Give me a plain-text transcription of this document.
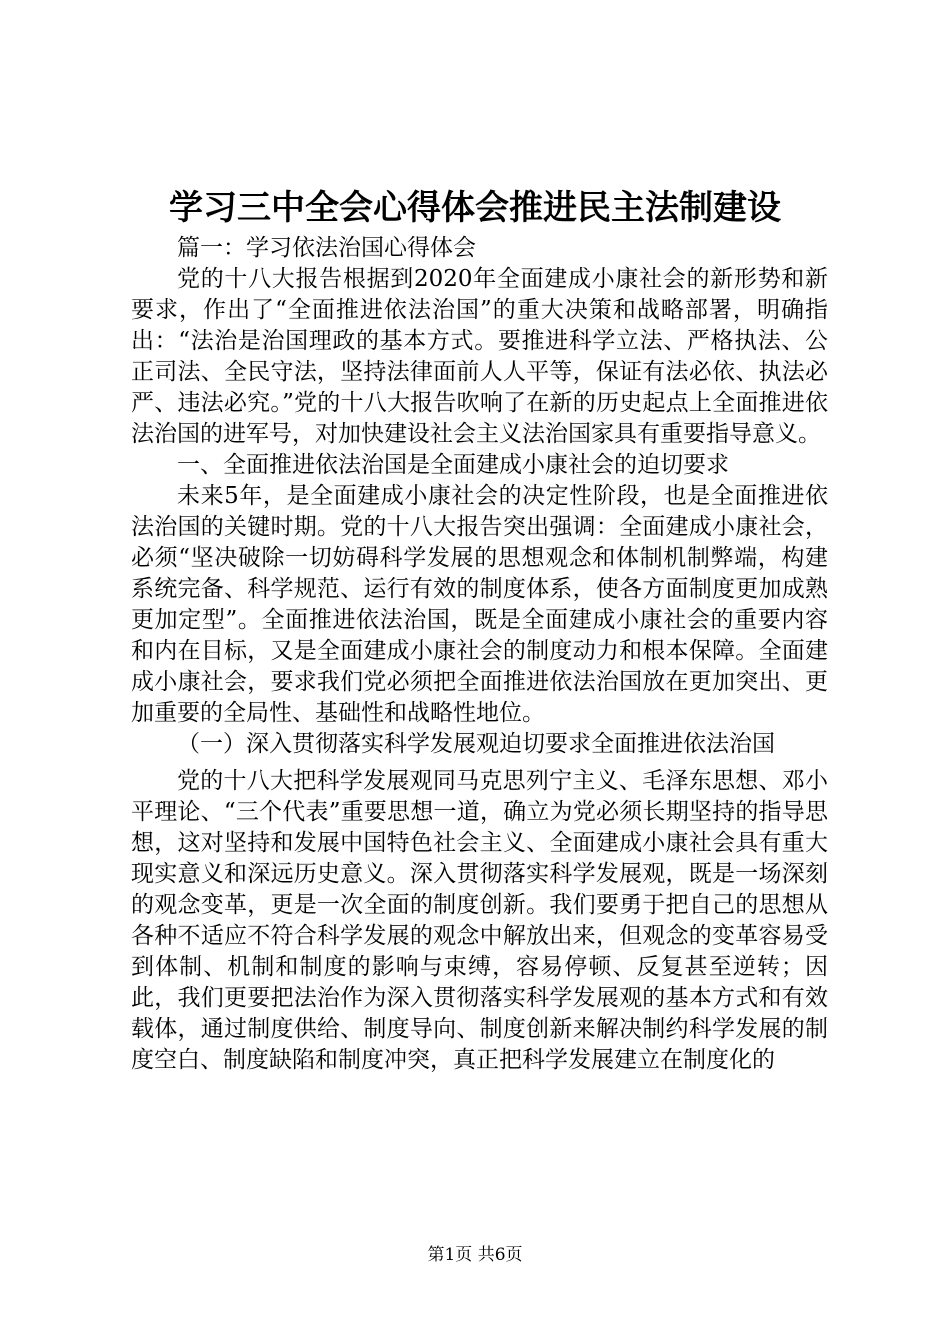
学习三中全会心得体会推进民主法制建设

篇一：学习依法治国心得体会

党的十八大报告根据到2020年全面建成小康社会的新形势和新要求，作出了“全面推进依法治国”的重大决策和战略部署，明确指出：“法治是治国理政的基本方式。要推进科学立法、严格执法、公正司法、全民守法，坚持法律面前人人平等，保证有法必依、执法必严、违法必究。”党的十八大报告吹响了在新的历史起点上全面推进依法治国的进军号，对加快建设社会主义法治国家具有重要指导意义。

一、全面推进依法治国是全面建成小康社会的迫切要求

未来5年，是全面建成小康社会的决定性阶段，也是全面推进依法治国的关键时期。党的十八大报告突出强调：全面建成小康社会，必须“坚决破除一切妨碍科学发展的思想观念和体制机制弊端，构建系统完备、科学规范、运行有效的制度体系，使各方面制度更加成熟更加定型”。全面推进依法治国，既是全面建成小康社会的重要内容和内在目标，又是全面建成小康社会的制度动力和根本保障。全面建成小康社会，要求我们党必须把全面推进依法治国放在更加突出、更加重要的全局性、基础性和战略性地位。

（一）深入贯彻落实科学发展观迫切要求全面推进依法治国

党的十八大把科学发展观同马克思列宁主义、毛泽东思想、邓小平理论、“三个代表”重要思想一道，确立为党必须长期坚持的指导思想，这对坚持和发展中国特色社会主义、全面建成小康社会具有重大现实意义和深远历史意义。深入贯彻落实科学发展观，既是一场深刻的观念变革，更是一次全面的制度创新。我们要勇于把自己的思想从各种不适应不符合科学发展的观念中解放出来，但观念的变革容易受到体制、机制和制度的影响与束缚，容易停顿、反复甚至逆转；因此，我们更要把法治作为深入贯彻落实科学发展观的基本方式和有效载体，通过制度供给、制度导向、制度创新来解决制约科学发展的制度空白、制度缺陷和制度冲突，真正把科学发展建立在制度化的

第1页 共6页
